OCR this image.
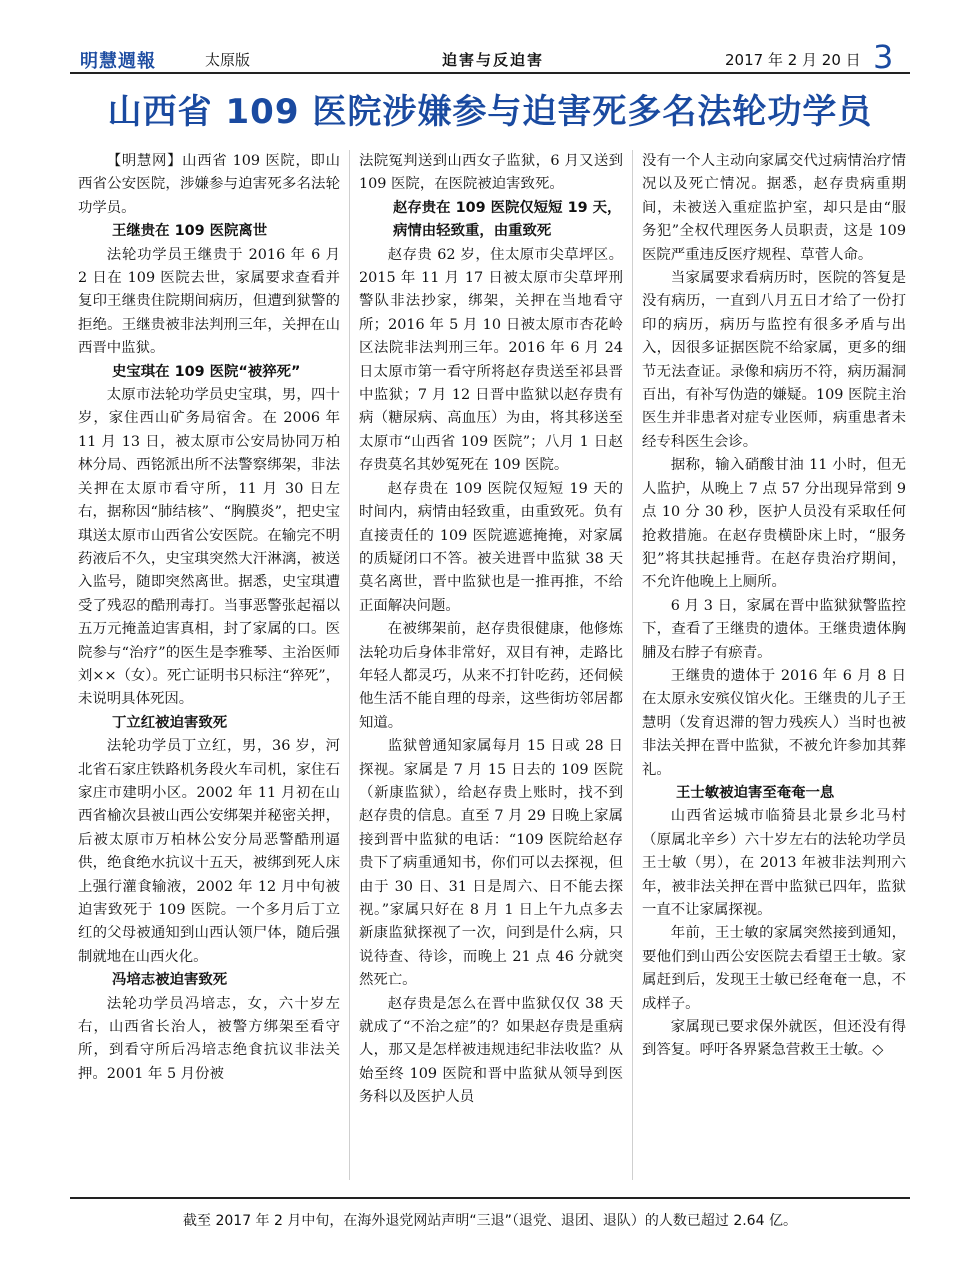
明慧週報	太原版	迫害与反迫害	2017 年 2 月 20 日 3
山西省 109 医院涉嫌参与迫害死多名法轮功学员

【明慧网】山西省 109 医院，即山西省公安医院，涉嫌参与迫害死多名法轮功学员。

王继贵在 109 医院离世

法轮功学员王继贵于 2016 年 6 月 2 日在 109 医院去世，家属要求查看并复印王继贵住院期间病历，但遭到狱警的拒绝。王继贵被非法判刑三年，关押在山西晋中监狱。

史宝琪在 109 医院“被猝死”

太原市法轮功学员史宝琪，男，四十岁，家住西山矿务局宿舍。在 2006 年 11 月 13 日，被太原市公安局协同万柏林分局、西铭派出所不法警察绑架，非法关押在太原市看守所，11 月 30 日左右，据称因“肺结核”、“胸膜炎”，把史宝琪送太原市山西省公安医院。在输完不明药液后不久，史宝琪突然大汗淋漓，被送入监号，随即突然离世。据悉，史宝琪遭受了残忍的酷刑毒打。当事恶警张起福以五万元掩盖迫害真相，封了家属的口。医院参与“治疗”的医生是李雅琴、主治医师刘××（女）。死亡证明书只标注“猝死”，未说明具体死因。

丁立红被迫害致死

法轮功学员丁立红，男，36 岁，河北省石家庄铁路机务段火车司机，家住石家庄市建明小区。2002 年 11 月初在山西省榆次县被山西公安绑架并秘密关押，后被太原市万柏林公安分局恶警酷刑逼供，绝食绝水抗议十五天，被绑到死人床上强行灌食输液，2002 年 12 月中旬被迫害致死于 109 医院。一个多月后丁立红的父母被通知到山西认领尸体，随后强制就地在山西火化。

冯培志被迫害致死

法轮功学员冯培志，女，六十岁左右，山西省长治人，被警方绑架至看守所，到看守所后冯培志绝食抗议非法关押。2001 年 5 月份被

法院冤判送到山西女子监狱，6 月又送到 109 医院，在医院被迫害致死。

赵存贵在 109 医院仅短短 19 天，病情由轻致重，由重致死

赵存贵 62 岁，住太原市尖草坪区。2015 年 11 月 17 日被太原市尖草坪刑警队非法抄家，绑架，关押在当地看守所；2016 年 5 月 10 日被太原市杏花岭区法院非法判刑三年。2016 年 6 月 24 日太原市第一看守所将赵存贵送至祁县晋中监狱；7 月 12 日晋中监狱以赵存贵有病（糖尿病、高血压）为由，将其移送至太原市“山西省 109 医院”；八月 1 日赵存贵莫名其妙冤死在 109 医院。

赵存贵在 109 医院仅短短 19 天的时间内，病情由轻致重，由重致死。负有直接责任的 109 医院遮遮掩掩，对家属的质疑闭口不答。被关进晋中监狱 38 天莫名离世，晋中监狱也是一推再推，不给正面解决问题。

在被绑架前，赵存贵很健康，他修炼法轮功后身体非常好，双目有神，走路比年轻人都灵巧，从来不打针吃药，还伺候他生活不能自理的母亲，这些街坊邻居都知道。

监狱曾通知家属每月 15 日或 28 日探视。家属是 7 月 15 日去的 109 医院（新康监狱），给赵存贵上账时，找不到赵存贵的信息。直至 7 月 29 日晚上家属接到晋中监狱的电话：“109 医院给赵存贵下了病重通知书，你们可以去探视，但由于 30 日、31 日是周六、日不能去探视。”家属只好在 8 月 1 日上午九点多去新康监狱探视了一次，问到是什么病，只说待查、待诊，而晚上 21 点 46 分就突然死亡。

赵存贵是怎么在晋中监狱仅仅 38 天就成了“不治之症”的？如果赵存贵是重病人，那又是怎样被违规违纪非法收监？从始至终 109 医院和晋中监狱从领导到医务科以及医护人员

没有一个人主动向家属交代过病情治疗情况以及死亡情况。据悉，赵存贵病重期间，未被送入重症监护室，却只是由“服务犯”全权代理医务人员职责，这是 109 医院严重违反医疗规程、草菅人命。

当家属要求看病历时，医院的答复是没有病历，一直到八月五日才给了一份打印的病历，病历与监控有很多矛盾与出入，因很多证据医院不给家属，更多的细节无法查证。录像和病历不符，病历漏洞百出，有补写伪造的嫌疑。109 医院主治医生并非患者对症专业医师，病重患者未经专科医生会诊。

据称，输入硝酸甘油 11 小时，但无人监护，从晚上 7 点 57 分出现异常到 9 点 10 分 30 秒，医护人员没有采取任何抢救措施。在赵存贵横卧床上时，“服务犯”将其扶起捶背。在赵存贵治疗期间，不允许他晚上上厕所。

6 月 3 日，家属在晋中监狱狱警监控下，查看了王继贵的遗体。王继贵遗体胸脯及右脖子有瘀青。

王继贵的遗体于 2016 年 6 月 8 日在太原永安殡仪馆火化。王继贵的儿子王慧明（发育迟滞的智力残疾人）当时也被非法关押在晋中监狱，不被允许参加其葬礼。

王士敏被迫害至奄奄一息

山西省运城市临猗县北景乡北马村（原属北辛乡）六十岁左右的法轮功学员王士敏（男），在 2013 年被非法判刑六年，被非法关押在晋中监狱已四年，监狱一直不让家属探视。

年前，王士敏的家属突然接到通知，要他们到山西公安医院去看望王士敏。家属赶到后，发现王士敏已经奄奄一息，不成样子。

家属现已要求保外就医，但还没有得到答复。呼吁各界紧急营救王士敏。◇

截至 2017 年 2 月中旬，在海外退党网站声明“三退”（退党、退团、退队）的人数已超过 2.64 亿。
